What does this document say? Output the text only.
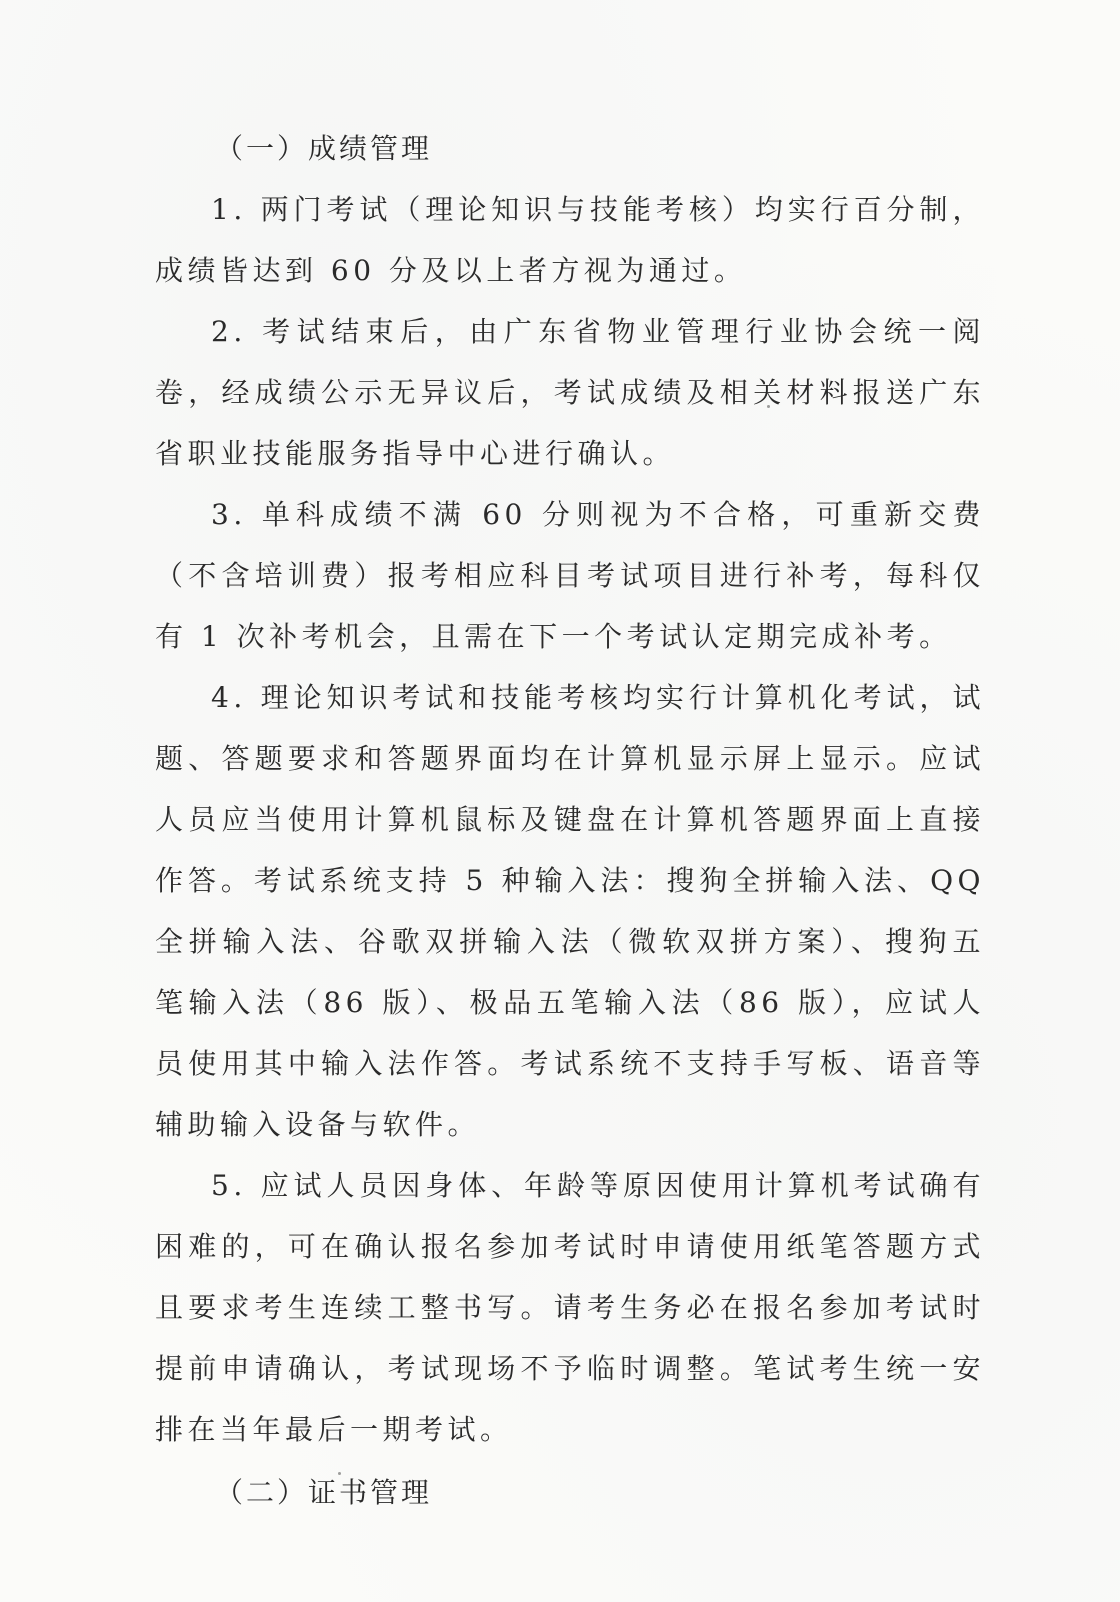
（一）成绩管理

1. 两门考试（理论知识与技能考核）均实行百分制，成绩皆达到 60 分及以上者方视为通过。

2. 考试结束后，由广东省物业管理行业协会统一阅卷，经成绩公示无异议后，考试成绩及相关材料报送广东省职业技能服务指导中心进行确认。

3. 单科成绩不满 60 分则视为不合格，可重新交费（不含培训费）报考相应科目考试项目进行补考，每科仅有 1 次补考机会，且需在下一个考试认定期完成补考。

4. 理论知识考试和技能考核均实行计算机化考试，试题、答题要求和答题界面均在计算机显示屏上显示。应试人员应当使用计算机鼠标及键盘在计算机答题界面上直接作答。考试系统支持 5 种输入法：搜狗全拼输入法、QQ 全拼输入法、谷歌双拼输入法（微软双拼方案）、搜狗五笔输入法（86 版）、极品五笔输入法（86 版），应试人员使用其中输入法作答。考试系统不支持手写板、语音等辅助输入设备与软件。

5. 应试人员因身体、年龄等原因使用计算机考试确有困难的，可在确认报名参加考试时申请使用纸笔答题方式且要求考生连续工整书写。请考生务必在报名参加考试时提前申请确认，考试现场不予临时调整。笔试考生统一安排在当年最后一期考试。

（二）证书管理
